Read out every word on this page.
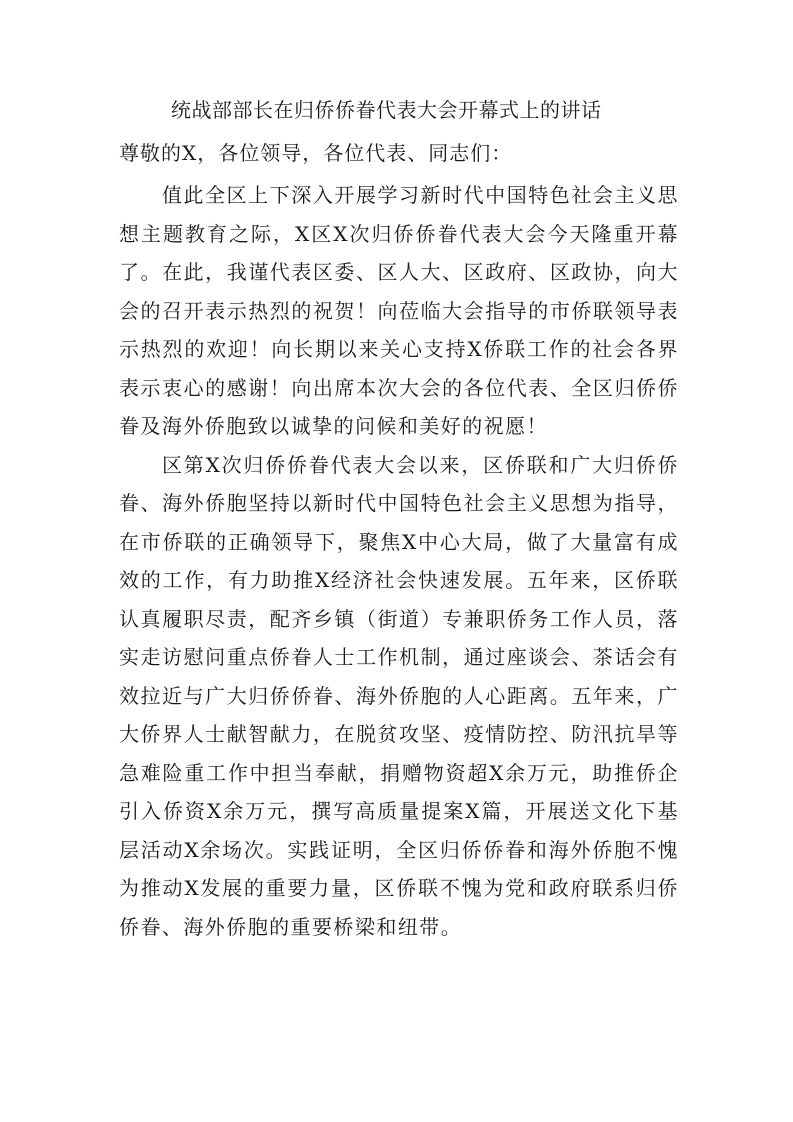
统战部部长在归侨侨眷代表大会开幕式上的讲话
尊敬的X，各位领导，各位代表、同志们：

值此全区上下深入开展学习新时代中国特色社会主义思想主题教育之际，X区X次归侨侨眷代表大会今天隆重开幕了。在此，我谨代表区委、区人大、区政府、区政协，向大会的召开表示热烈的祝贺！向莅临大会指导的市侨联领导表示热烈的欢迎！向长期以来关心支持X侨联工作的社会各界表示衷心的感谢！向出席本次大会的各位代表、全区归侨侨眷及海外侨胞致以诚挚的问候和美好的祝愿！

区第X次归侨侨眷代表大会以来，区侨联和广大归侨侨眷、海外侨胞坚持以新时代中国特色社会主义思想为指导，在市侨联的正确领导下，聚焦X中心大局，做了大量富有成效的工作，有力助推X经济社会快速发展。五年来，区侨联认真履职尽责，配齐乡镇（街道）专兼职侨务工作人员，落实走访慰问重点侨眷人士工作机制，通过座谈会、茶话会有效拉近与广大归侨侨眷、海外侨胞的人心距离。五年来，广大侨界人士献智献力，在脱贫攻坚、疫情防控、防汛抗旱等急难险重工作中担当奉献，捐赠物资超X余万元，助推侨企引入侨资X余万元，撰写高质量提案X篇，开展送文化下基层活动X余场次。实践证明，全区归侨侨眷和海外侨胞不愧为推动X发展的重要力量，区侨联不愧为党和政府联系归侨侨眷、海外侨胞的重要桥梁和纽带。
